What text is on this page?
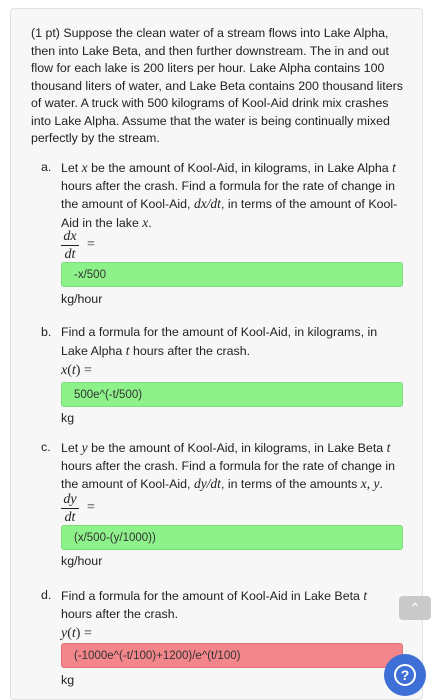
(1 pt) Suppose the clean water of a stream flows into Lake Alpha, then into Lake Beta, and then further downstream. The in and out flow for each lake is 200 liters per hour. Lake Alpha contains 100 thousand liters of water, and Lake Beta contains 200 thousand liters of water. A truck with 500 kilograms of Kool-Aid drink mix crashes into Lake Alpha. Assume that the water is being continually mixed perfectly by the stream.

a. Let x be the amount of Kool-Aid, in kilograms, in Lake Alpha t hours after the crash. Find a formula for the rate of change in the amount of Kool-Aid, dx/dt, in terms of the amount of Kool-Aid in the lake x.

dx
dt
=
-x/500
kg/hour
b. Find a formula for the amount of Kool-Aid, in kilograms, in Lake Alpha t hours after the crash.

x(t) =
500e^(-t/500)
kg
c. Let y be the amount of Kool-Aid, in kilograms, in Lake Beta t hours after the crash. Find a formula for the rate of change in the amount of Kool-Aid, dy/dt, in terms of the amounts x, y.

dy
dt
=
(x/500-(y/1000))
kg/hour
d. Find a formula for the amount of Kool-Aid in Lake Beta t hours after the crash.

y(t) =
(-1000e^(-t/100)+1200)/e^(t/100)
kg
⌃
?
